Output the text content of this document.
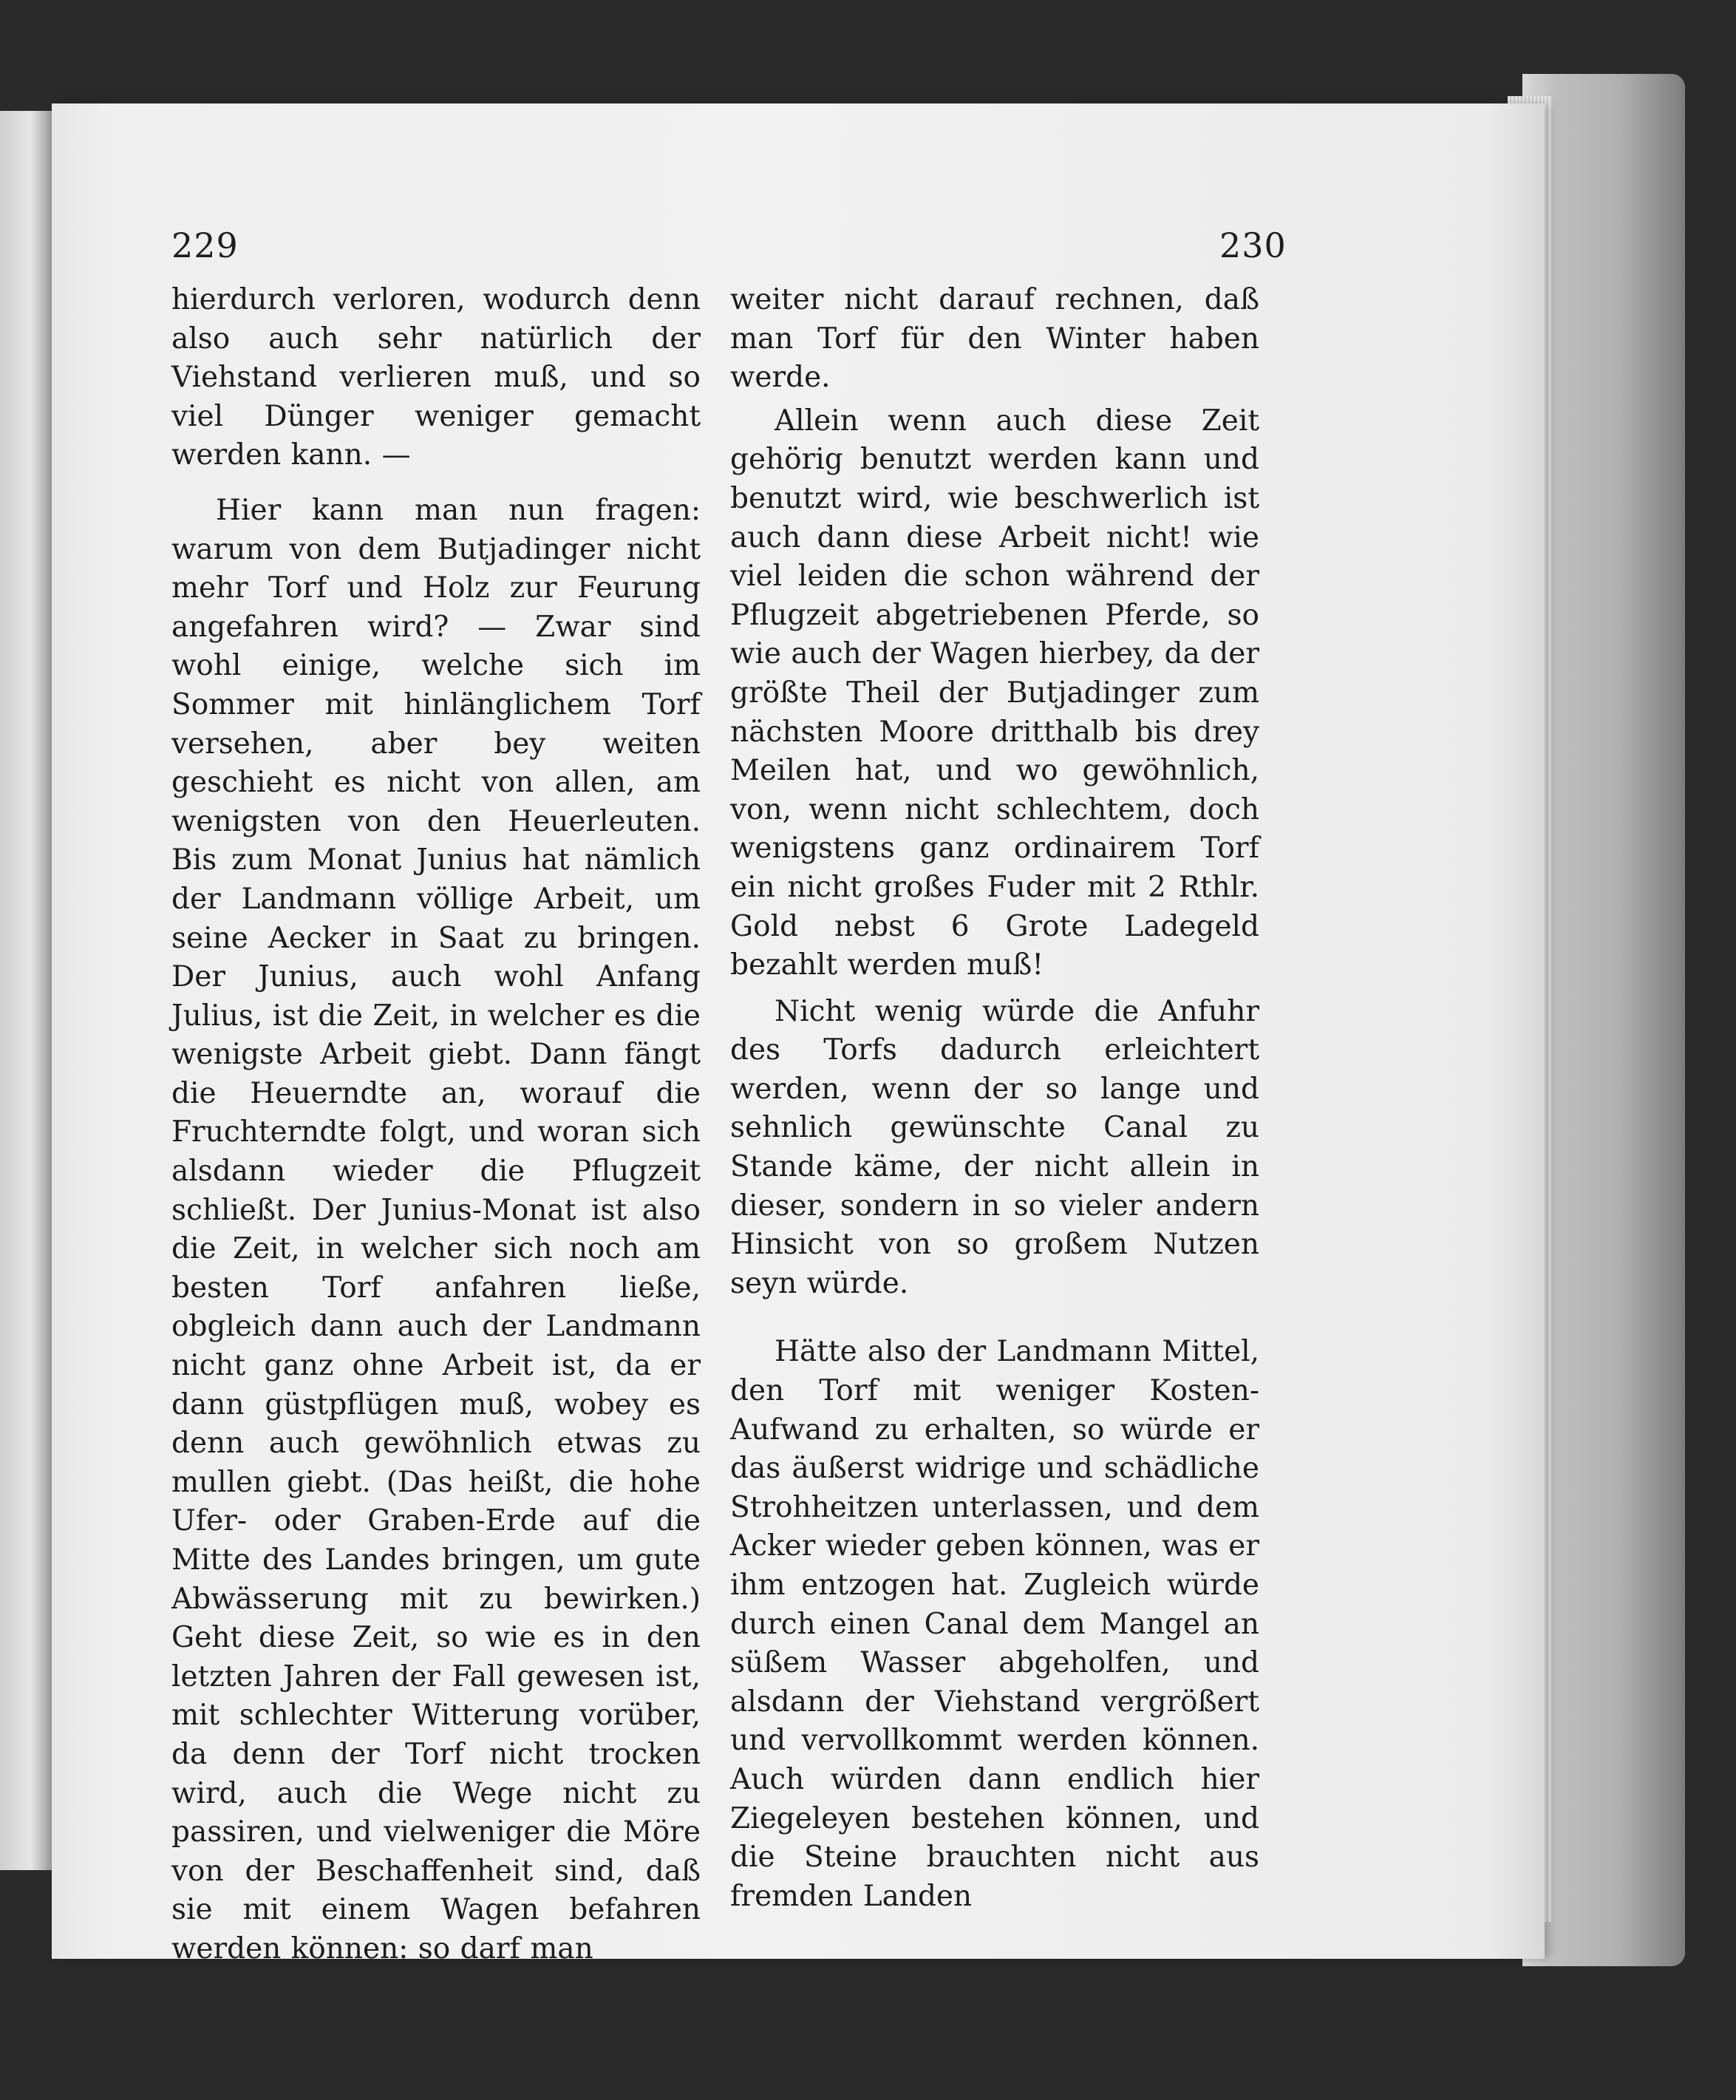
229	230

hierdurch verloren, wodurch denn also auch sehr natürlich der Viehstand verlieren muß, und so viel Dünger weniger gemacht werden kann. —

Hier kann man nun fragen: warum von dem Butjadinger nicht mehr Torf und Holz zur Feurung angefahren wird? — Zwar sind wohl einige, welche sich im Sommer mit hinlänglichem Torf versehen, aber bey weiten geschieht es nicht von allen, am wenigsten von den Heuerleuten. Bis zum Monat Junius hat nämlich der Landmann völlige Arbeit, um seine Aecker in Saat zu bringen. Der Junius, auch wohl Anfang Julius, ist die Zeit, in welcher es die wenigste Arbeit giebt. Dann fängt die Heuerndte an, worauf die Fruchterndte folgt, und woran sich alsdann wieder die Pflugzeit schließt. Der Junius-Monat ist also die Zeit, in welcher sich noch am besten Torf anfahren ließe, obgleich dann auch der Landmann nicht ganz ohne Arbeit ist, da er dann güstpflügen muß, wobey es denn auch gewöhnlich etwas zu mullen giebt. (Das heißt, die hohe Ufer- oder Graben-Erde auf die Mitte des Landes bringen, um gute Abwässerung mit zu bewirken.) Geht diese Zeit, so wie es in den letzten Jahren der Fall gewesen ist, mit schlechter Witterung vorüber, da denn der Torf nicht trocken wird, auch die Wege nicht zu passiren, und vielweniger die Möre von der Beschaffenheit sind, daß sie mit einem Wagen befahren werden können: so darf man

weiter nicht darauf rechnen, daß man Torf für den Winter haben werde.

Allein wenn auch diese Zeit gehörig benutzt werden kann und benutzt wird, wie beschwerlich ist auch dann diese Arbeit nicht! wie viel leiden die schon während der Pflugzeit abgetriebenen Pferde, so wie auch der Wagen hierbey, da der größte Theil der Butjadinger zum nächsten Moore dritthalb bis drey Meilen hat, und wo gewöhnlich, von, wenn nicht schlechtem, doch wenigstens ganz ordinairem Torf ein nicht großes Fuder mit 2 Rthlr. Gold nebst 6 Grote Ladegeld bezahlt werden muß!

Nicht wenig würde die Anfuhr des Torfs dadurch erleichtert werden, wenn der so lange und sehnlich gewünschte Canal zu Stande käme, der nicht allein in dieser, sondern in so vieler andern Hinsicht von so großem Nutzen seyn würde.

Hätte also der Landmann Mittel, den Torf mit weniger Kosten-Aufwand zu erhalten, so würde er das äußerst widrige und schädliche Strohheitzen unterlassen, und dem Acker wieder geben können, was er ihm entzogen hat. Zugleich würde durch einen Canal dem Mangel an süßem Wasser abgeholfen, und alsdann der Viehstand vergrößert und vervollkommt werden können. Auch würden dann endlich hier Ziegeleyen bestehen können, und die Steine brauchten nicht aus fremden Landen
